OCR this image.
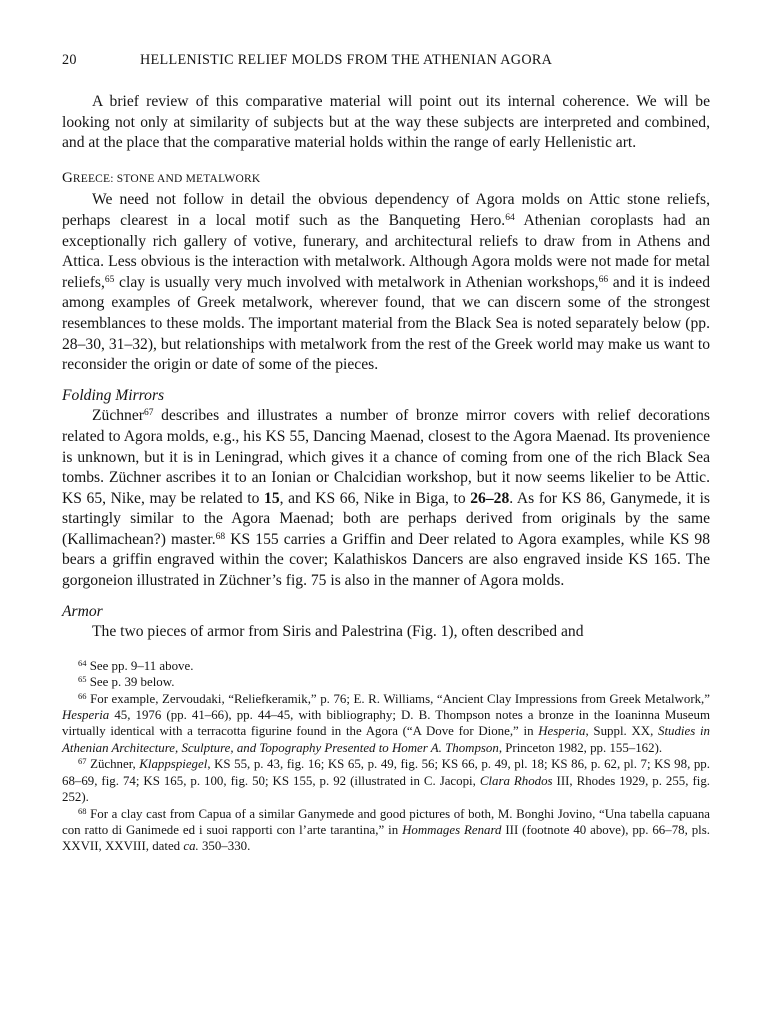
20	HELLENISTIC RELIEF MOLDS FROM THE ATHENIAN AGORA

A brief review of this comparative material will point out its internal coherence. We will be looking not only at similarity of subjects but at the way these subjects are interpreted and combined, and at the place that the comparative material holds within the range of early Hellenistic art.

GREECE: STONE AND METALWORK

We need not follow in detail the obvious dependency of Agora molds on Attic stone reliefs, perhaps clearest in a local motif such as the Banqueting Hero.$^{64}$ Athenian coroplasts had an exceptionally rich gallery of votive, funerary, and architectural reliefs to draw from in Athens and Attica. Less obvious is the interaction with metalwork. Although Agora molds were not made for metal reliefs,$^{65}$ clay is usually very much involved with metalwork in Athenian workshops,$^{66}$ and it is indeed among examples of Greek metalwork, wherever found, that we can discern some of the strongest resemblances to these molds. The important material from the Black Sea is noted separately below (pp. 28–30, 31–32), but relationships with metalwork from the rest of the Greek world may make us want to reconsider the origin or date of some of the pieces.

Folding Mirrors

Züchner$^{67}$ describes and illustrates a number of bronze mirror covers with relief decorations related to Agora molds, e.g., his KS 55, Dancing Maenad, closest to the Agora Maenad. Its provenience is unknown, but it is in Leningrad, which gives it a chance of coming from one of the rich Black Sea tombs. Züchner ascribes it to an Ionian or Chalcidian workshop, but it now seems likelier to be Attic. KS 65, Nike, may be related to 15, and KS 66, Nike in Biga, to 26–28. As for KS 86, Ganymede, it is startingly similar to the Agora Maenad; both are perhaps derived from originals by the same (Kallimachean?) master.$^{68}$ KS 155 carries a Griffin and Deer related to Agora examples, while KS 98 bears a griffin engraved within the cover; Kalathiskos Dancers are also engraved inside KS 165. The gorgoneion illustrated in Züchner’s fig. 75 is also in the manner of Agora molds.

Armor

The two pieces of armor from Siris and Palestrina (Fig. 1), often described and

$^{64}$ See pp. 9–11 above.

$^{65}$ See p. 39 below.

$^{66}$ For example, Zervoudaki, “Reliefkeramik,” p. 76; E. R. Williams, “Ancient Clay Impressions from Greek Metalwork,” Hesperia 45, 1976 (pp. 41–66), pp. 44–45, with bibliography; D. B. Thompson notes a bronze in the Ioaninna Museum virtually identical with a terracotta figurine found in the Agora (“A Dove for Dione,” in Hesperia, Suppl. XX, Studies in Athenian Architecture, Sculpture, and Topography Presented to Homer A. Thompson, Princeton 1982, pp. 155–162).

$^{67}$ Züchner, Klappspiegel, KS 55, p. 43, fig. 16; KS 65, p. 49, fig. 56; KS 66, p. 49, pl. 18; KS 86, p. 62, pl. 7; KS 98, pp. 68–69, fig. 74; KS 165, p. 100, fig. 50; KS 155, p. 92 (illustrated in C. Jacopi, Clara Rhodos III, Rhodes 1929, p. 255, fig. 252).

$^{68}$ For a clay cast from Capua of a similar Ganymede and good pictures of both, M. Bonghi Jovino, “Una tabella capuana con ratto di Ganimede ed i suoi rapporti con l’arte tarantina,” in Hommages Renard III (footnote 40 above), pp. 66–78, pls. XXVII, XXVIII, dated ca. 350–330.
